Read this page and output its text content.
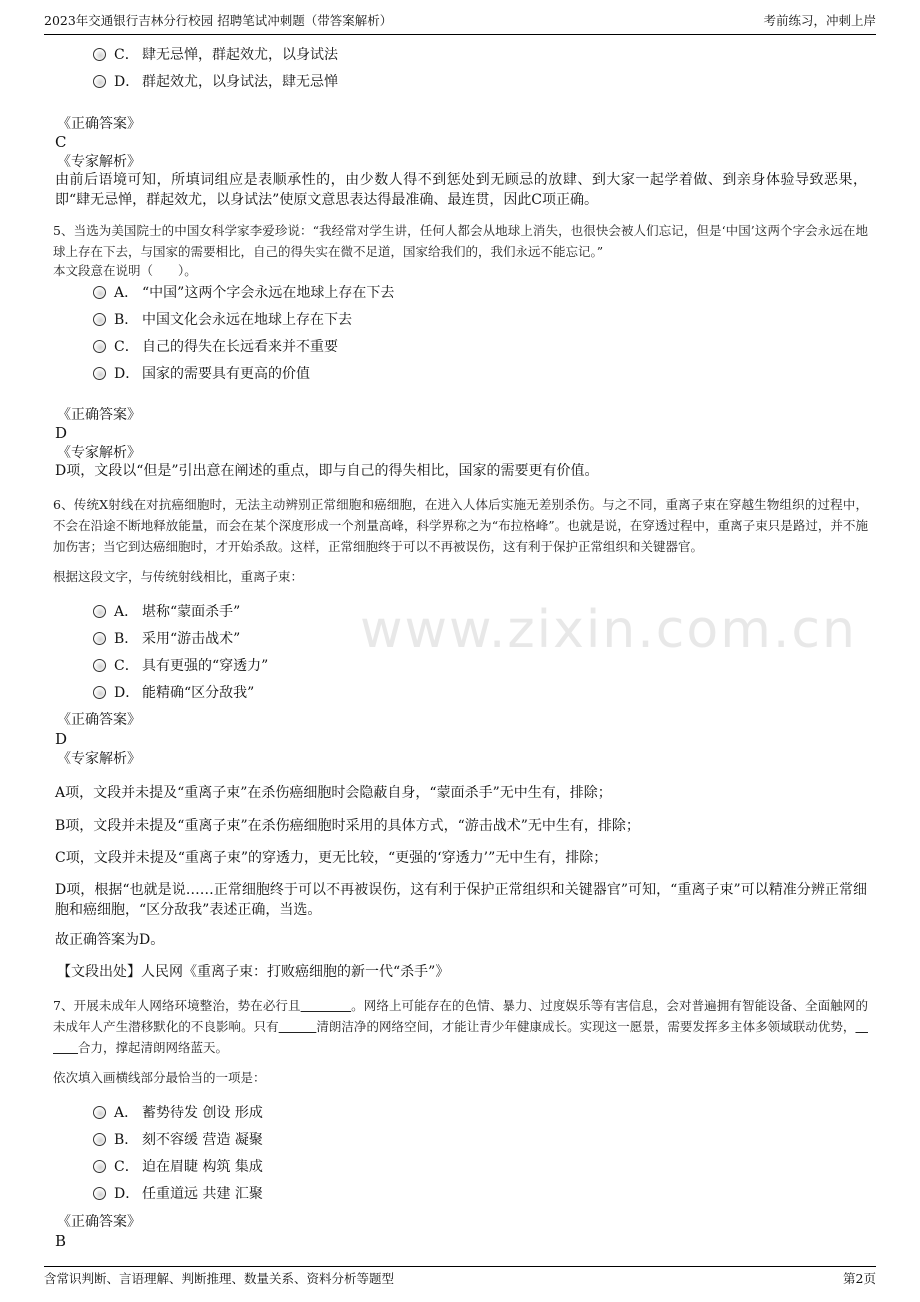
www.zixin.com.cn
2023年交通银行吉林分行校园 招聘笔试冲刺题（带答案解析）	考前练习，冲刺上岸
C． 肆无忌惮，群起效尤，以身试法
D． 群起效尤，以身试法，肆无忌惮
《正确答案》
C
《专家解析》
由前后语境可知，所填词组应是表顺承性的，由少数人得不到惩处到无顾忌的放肆、到大家一起学着做、到亲身体验导致恶果，即“肆无忌惮，群起效尤，以身试法”使原文意思表达得最准确、最连贯，因此C项正确。
5、当选为美国院士的中国女科学家李爱珍说：“我经常对学生讲，任何人都会从地球上消失，也很快会被人们忘记，但是‘中国’这两个字会永远在地球上存在下去，与国家的需要相比，自己的得失实在微不足道，国家给我们的，我们永远不能忘记。”
本文段意在说明（　　）。
A． “中国”这两个字会永远在地球上存在下去
B． 中国文化会永远在地球上存在下去
C． 自己的得失在长远看来并不重要
D． 国家的需要具有更高的价值
《正确答案》
D
《专家解析》
D项，文段以“但是”引出意在阐述的重点，即与自己的得失相比，国家的需要更有价值。
6、传统X射线在对抗癌细胞时，无法主动辨别正常细胞和癌细胞，在进入人体后实施无差别杀伤。与之不同，重离子束在穿越生物组织的过程中，不会在沿途不断地释放能量，而会在某个深度形成一个剂量高峰，科学界称之为“布拉格峰”。也就是说，在穿透过程中，重离子束只是路过，并不施加伤害；当它到达癌细胞时，才开始杀敌。这样，正常细胞终于可以不再被误伤，这有利于保护正常组织和关键器官。
根据这段文字，与传统射线相比，重离子束：
A． 堪称“蒙面杀手”
B． 采用“游击战术”
C． 具有更强的“穿透力”
D． 能精确“区分敌我”
《正确答案》
D
《专家解析》
A项，文段并未提及“重离子束”在杀伤癌细胞时会隐蔽自身，“蒙面杀手”无中生有，排除；
B项，文段并未提及“重离子束”在杀伤癌细胞时采用的具体方式，“游击战术”无中生有，排除；
C项，文段并未提及“重离子束”的穿透力，更无比较，“更强的‘穿透力’”无中生有，排除；
D项，根据“也就是说……正常细胞终于可以不再被误伤，这有利于保护正常组织和关键器官”可知，“重离子束”可以精准分辨正常细胞和癌细胞，“区分敌我”表述正确，当选。
故正确答案为D。
【文段出处】人民网《重离子束：打败癌细胞的新一代“杀手”》
7、开展未成年人网络环境整治，势在必行且＿＿＿＿。网络上可能存在的色情、暴力、过度娱乐等有害信息，会对普遍拥有智能设备、全面触网的未成年人产生潜移默化的不良影响。只有＿＿＿清朗洁净的网络空间，才能让青少年健康成长。实现这一愿景，需要发挥多主体多领域联动优势，＿＿＿合力，撑起清朗网络蓝天。
依次填入画横线部分最恰当的一项是：
A． 蓄势待发 创设 形成
B． 刻不容缓 营造 凝聚
C． 迫在眉睫 构筑 集成
D． 任重道远 共建 汇聚
《正确答案》
B
含常识判断、言语理解、判断推理、数量关系、资料分析等题型	第2页
